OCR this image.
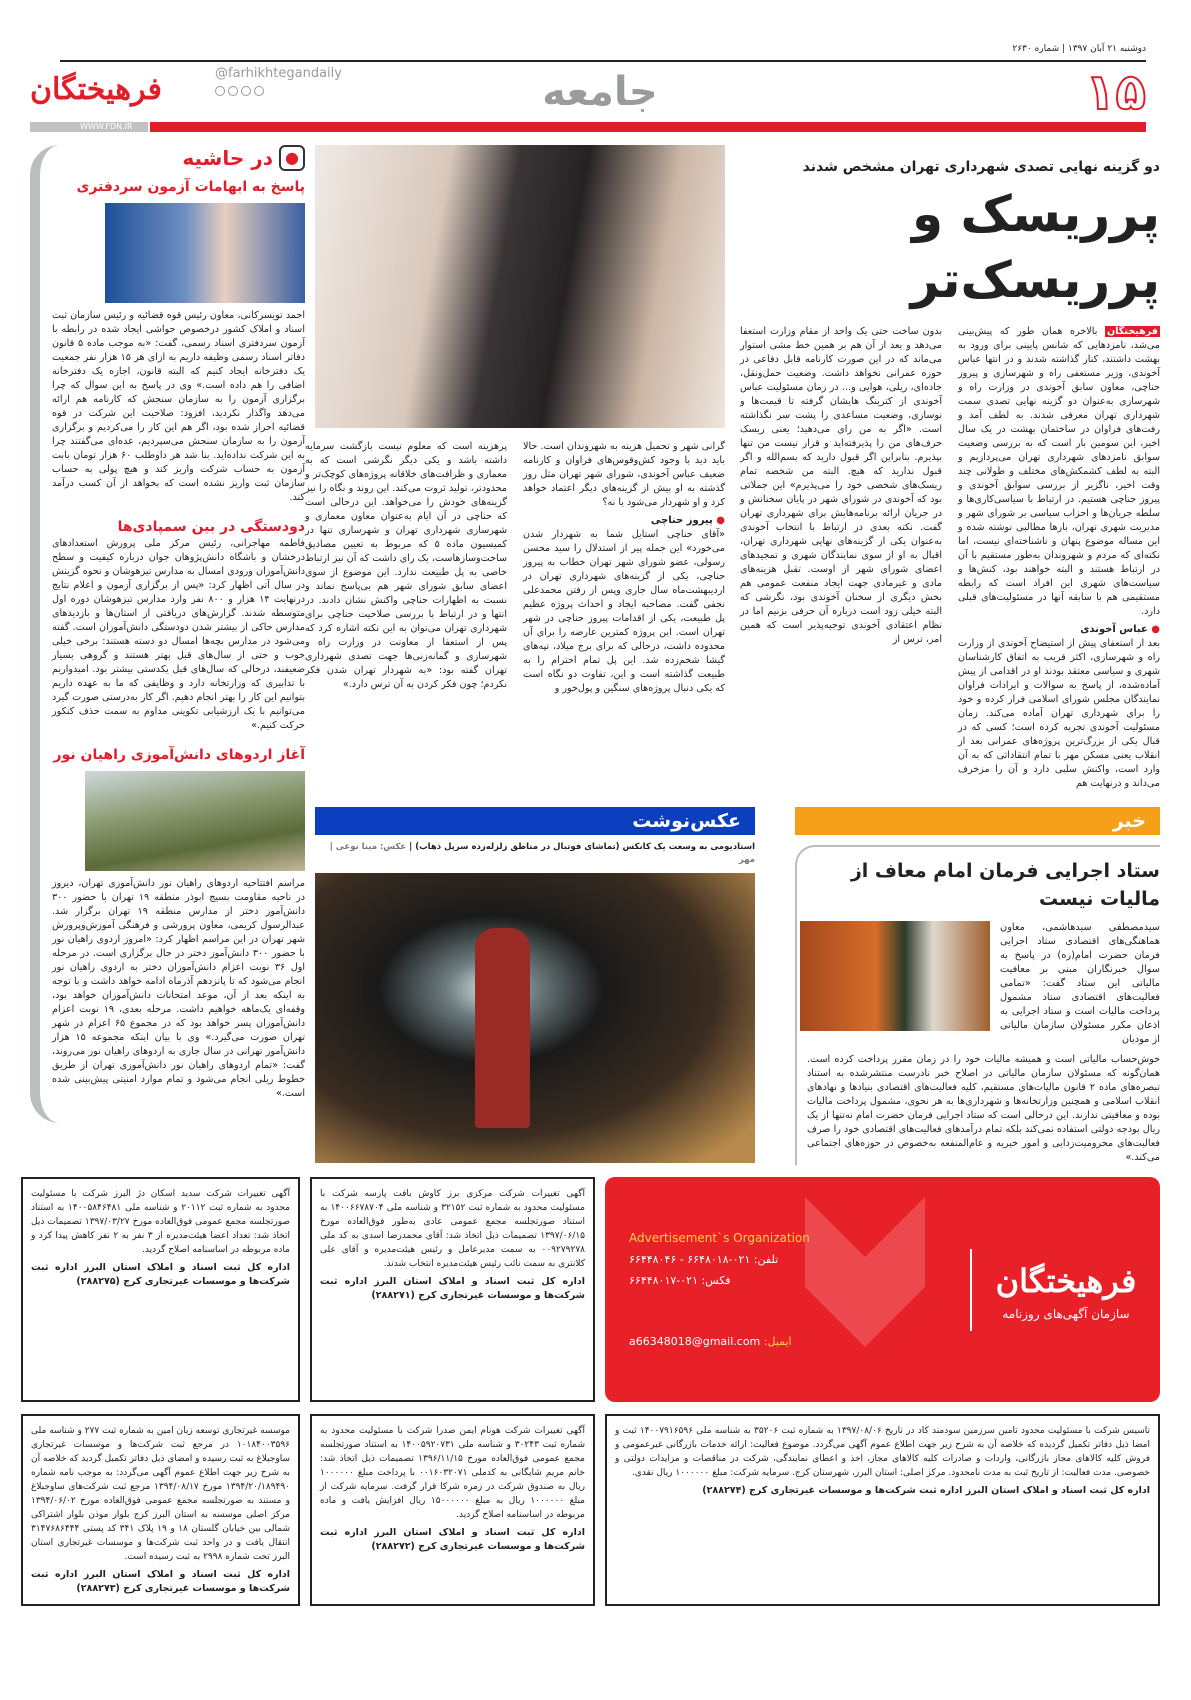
دوشنبه ۲۱ آبان ۱۳۹۷ | شماره ۲۶۳۰
۱۵
جامعه
فرهیختگان	@farhikhtegandaily
WWW.FDN.IR
دو گزینه نهایی تصدی شهرداری تهران مشخص شدند
پرریسک و پرریسک‌تر
فرهیختگان بالاخره همان طور که پیش‌بینی می‌شد، نامزدهایی که شانس پایینی برای ورود به بهشت داشتند، کنار گذاشته شدند و در انتها عباس آخوندی، وزیر مستعفی راه و شهرسازی و پیروز حناچی، معاون سابق آخوندی در وزارت راه و شهرسازی به‌عنوان دو گزینه نهایی تصدی سمت شهرداری تهران معرفی شدند. به لطف آمد و رفت‌های فراوان در ساختمان بهشت در یک سال اخیر، این سومین بار است که به بررسی وضعیت سوابق نامزدهای شهرداری تهران می‌پردازیم و البته به لطف کشمکش‌های مختلف و طولانی چند وقت اخیر، ناگزیر از بررسی سوابق آخوندی و پیروز حناچی هستیم. در ارتباط با سیاسی‌کاری‌ها و سلطه جریان‌ها و احزاب سیاسی بر شورای شهر و مدیریت شهری تهران، بارها مطالبی نوشته شده و این مساله موضوع پنهان و ناشناخته‌ای نیست، اما نکته‌ای که مردم و شهروندان به‌طور مستقیم با آن در ارتباط هستند و البته خواهند بود، کنش‌ها و سیاست‌های شهری این افراد است که رابطه مستقیمی هم با سابقه آنها در مسئولیت‌های قبلی دارد.
● عباس آخوندی
بعد از استعفای پیش از استیضاح آخوندی از وزارت راه و شهرسازی، اکثر قریب به اتفاق کارشناسان شهری و سیاسی معتقد بودند او در اقدامی از پیش آماده‌شده، از پاسخ به سوالات و ایرادات فراوان نمایندگان مجلس شورای اسلامی فرار کرده و خود را برای شهرداری تهران آماده می‌کند. زمان مسئولیت آخوندی تجربه کرده است؛ کسی که در قبال یکی از بزرگ‌ترین پروژه‌های عمرانی بعد از انقلاب یعنی مسکن مهر با تمام انتقاداتی که به آن وارد است، واکنش سلبی دارد و آن را مزخرف می‌داند و درنهایت هم
بدون ساخت حتی یک واحد از مقام وزارت استعفا می‌دهد و بعد از آن هم بر همین خط مشی استوار می‌ماند که در این صورت کارنامه قابل دفاعی در حوزه عمرانی نخواهد داشت. وضعیت حمل‌ونقل، جاده‌ای، ریلی، هوایی و... در زمان مسئولیت عباس آخوندی از کترینگ هایشان گرفته تا قیمت‌ها و نوسازی، وضعیت مساعدی را پشت سر نگذاشته است. «اگر به من رای می‌دهید؛ یعنی ریسک حرف‌های من را پذیرفته‌اید و قرار نیست من تنها بپذیرم. بنابراین اگر قبول دارید که بسم‌الله و اگر قبول ندارید که هیچ. البته من شخصه تمام ریسک‌های شخصی خود را می‌پذیرم» این جملاتی بود که آخوندی در شورای شهر در پایان سخنانش و در جریان ارائه برنامه‌هایش برای شهرداری تهران گفت. نکته بعدی در ارتباط با انتخاب آخوندی به‌عنوان یکی از گزینه‌های نهایی شهرداری تهران، اقبال به او از سوی نمایندگان شهری و تمجیدهای اعضای شورای شهر از اوست. تقبل هزینه‌های مادی و غیرمادی جهت ایجاد منفعت عمومی هم بخش دیگری از سخنان آخوندی بود، نگرشی که البته خیلی زود است درباره آن حرفی بزنیم اما در نظام اعتقادی آخوندی توجیه‌پذیر است که همین امر، ترس از
گرانی شهر و تحمیل هزینه به شهروندان است. حالا باید دید با وجود کش‌وقوس‌های فراوان و کارنامه ضعیف عباس آخوندی، شورای شهر تهران مثل روز گذشته به او بیش از گزینه‌های دیگر اعتماد خواهد کرد و او شهردار می‌شود یا نه؟
● پیروز حناچی
«آقای حناچی استایل شما به شهردار شدن می‌خورد» این جمله پیر از استدلال را سید محسن رسولی، عضو شورای شهر تهران خطاب به پیروز حناچی، یکی از گزینه‌های شهرداری تهران در اردیبهشت‌ماه سال جاری وپس از رفتن محمدعلی نجفی گفت. مصاحبه ایجاد و احداث پروژه عظیم پل طبیعت، یکی از اقدامات پیروز حناچی در شهر تهران است. این پروژه کمترین عارضه را برای آن محدوده داشت، درحالی که برای برج میلاد، تپه‌های گیشا شخم‌زده شد. این پل تمام احترام را به طبیعت گذاشته است و این، تفاوت دو نگاه است که یکی دنبال پروژه‌های سنگین و پول‌خور و
پرهزینه است که معلوم نیست بازگشت سرمایه داشته باشد و یکی دیگر نگرشی است که به معماری و ظرافت‌های خلاقانه پروژه‌های کوچک‌تر و محدودتر، تولید ثروت می‌کند. این روند و نگاه را نیز گزینه‌های خودش را می‌خواهد. این درحالی است که حناچی در آن ایام به‌عنوان معاون معماری و شهرسازی شهرداری تهران و شهرسازی تنها در کمیسیون ماده ۵ که مربوط به تعیین مصادیق ساخت‌وسازهاست، یک رای داشت که آن نیز ارتباط خاصی به پل طبیعت ندارد. این موضوع از سوی اعضای سابق شورای شهر هم بی‌پاسخ نماند و نسبت به اظهارات حناچی واکنش نشان دادند. در انتها و در ارتباط با بررسی صلاحیت حناچی برای شهرداری تهران می‌توان به این نکته اشاره کرد که پس از استعفا از معاونت در وزارت راه و شهرسازی و گمانه‌زنی‌ها جهت تصدی شهرداری تهران گفته بود: «به شهردار تهران شدن فکر نکردم؛ چون فکر کردن به آن ترس دارد.»
خبر
ستاد اجرایی فرمان امام معاف از مالیات نیست
سیدمصطفی سیدهاشمی، معاون هماهنگی‌های اقتصادی ستاد اجرایی فرمان حضرت امام(ره) در پاسخ به سوال خبرنگاران مبنی بر معافیت مالیاتی این ستاد گفت: «تمامی فعالیت‌های اقتصادی ستاد مشمول پرداخت مالیات است و ستاد اجرایی به اذعان مکرر مسئولان سازمان مالیاتی از مودیان
خوش‌حساب مالیاتی است و همیشه مالیات خود را در زمان مقرر پرداخت کرده است. همان‌گونه که مسئولان سازمان مالیاتی در اصلاح خبر نادرست منتشرشده به استناد تبصره‌های ماده ۲ قانون مالیات‌های مستقیم، کلیه فعالیت‌های اقتصادی بنیادها و نهادهای انقلاب اسلامی و همچنین وزارتخانه‌ها و شهرداری‌ها به هر نحوی، مشمول پرداخت مالیات بوده و معافیتی ندارند. این درحالی است که ستاد اجرایی فرمان حضرت امام نه‌تنها از یک ریال بودجه دولتی استفاده نمی‌کند بلکه تمام درآمدهای فعالیت‌های اقتصادی خود را صرف فعالیت‌های محرومیت‌زدایی و امور خیریه و عام‌المنفعه به‌خصوص در حوزه‌های اجتماعی می‌کند.»
عکس‌نوشت
استادیومی به وسعت یک کانکس (تماشای فوتبال در مناطق زلزله‌زده سرپل ذهاب) | عکس: مینا نوعی | مهر
●
در حاشیه
پاسخ به ابهامات آزمون سردفتری
احمد تویسرکانی، معاون رئیس قوه قضائیه و رئیس سازمان ثبت اسناد و املاک کشور درخصوص حواشی ایجاد شده در رابطه با آزمون سردفتری اسناد رسمی، گفت: «به موجب ماده ۵ قانون دفاتر اسناد رسمی وظیفه داریم به ازای هر ۱۵ هزار نفر جمعیت یک دفترخانه ایجاد کنیم که البته قانون، اجازه یک دفترخانه اضافی را هم داده است.» وی در پاسخ به این سوال که چرا برگزاری آزمون را به سازمان سنجش که کارنامه هم ارائه می‌دهد واگذار نکردید، افزود: صلاحیت این شرکت در قوه قضائیه احراز شده بود، اگر هم این کار را می‌کردیم و برگزاری آزمون را به سازمان سنجش می‌سپردیم، عده‌ای می‌گفتند چرا به این شرکت نداده‌اید. بنا شد هر داوطلب ۶۰ هزار تومان بابت آزمون به حساب شرکت واریز کند و هیچ پولی به حساب سازمان ثبت واریز نشده است که بخواهد از آن کسب درآمد کند.
دودستگی در بین سمپادی‌ها
فاطمه مهاجرانی، رئیس مرکز ملی پرورش استعدادهای درخشان و باشگاه دانش‌پژوهان جوان درباره کیفیت و سطح دانش‌آموزان ورودی امسال به مدارس تیزهوشان و نحوه گزینش در سال آتی اظهار کرد: «پس از برگزاری آزمون و اعلام نتایج درنهایت ۱۴ هزار و ۸۰۰ نفر وارد مدارس تیزهوشان دوره اول متوسطه شدند. گزارش‌های دریافتی از استان‌ها و بازدیدهای مدارس حاکی از بیشتر شدن دودستگی دانش‌آموزان است. گفته می‌شود در مدارس بچه‌ها امسال دو دسته هستند: برخی خیلی خوب و حتی از سال‌های قبل بهتر هستند و گروهی بسیار ضعیفند، درحالی که سال‌های قبل یکدستی بیشتر بود. امیدواریم با تدابیری که وزارتخانه دارد و وظایفی که ما به عهده داریم بتوانیم این کار را بهتر انجام دهیم. اگر کار به‌درستی صورت گیرد می‌توانیم با یک ارزشیابی تکوینی مداوم به سمت حذف کنکور حرکت کنیم.»
آغاز اردوهای دانش‌آموزی راهیان نور
مراسم افتتاحیه اردوهای راهیان نور دانش‌آموزی تهران، دیروز در ناحیه مقاومت بسیج ابوذر منطقه ۱۹ تهران با حضور ۳۰۰ دانش‌آموز دختر از مدارس منطقه ۱۹ تهران برگزار شد. عبدالرسول کریمی، معاون پرورشی و فرهنگی آموزش‌وپرورش شهر تهران در این مراسم اظهار کرد: «امروز اردوی راهیان نور با حضور ۳۰۰ دانش‌آموز دختر در حال برگزاری است. در مرحله اول ۳۶ نوبت اعزام دانش‌آموزان دختر به اردوی راهیان نور انجام می‌شود که تا پانزدهم آذرماه ادامه خواهد داشت و با توجه به اینکه بعد از آن، موعد امتحانات دانش‌آموزان خواهد بود، وقفه‌ای یک‌ماهه خواهیم داشت. مرحله بعدی، ۱۹ نوبت اعزام دانش‌آموزان پسر خواهد بود که در مجموع ۶۵ اعزام در شهر تهران صورت می‌گیرد.» وی با بیان اینکه مجموعه ۱۵ هزار دانش‌آموز تهرانی در سال جاری به اردوهای راهیان نور می‌روند، گفت: «تمام اردوهای راهیان نور دانش‌آموزی تهران از طریق خطوط ریلی انجام می‌شود و تمام موارد امنیتی پیش‌بینی شده است.»
فرهیختگان
سازمان آگهی‌های روزنامه
Advertisement`s Organization
تلفن: ۰۲۱-۶۶۴۸۰۱۸ - ۶۶۴۴۸۰۴۶
فکس: ۰۲۱-۶۶۴۴۸۰۱۷
ایمیل: a66348018@gmail.com
آگهی تغییرات شرکت مرکزی برز کاوش بافت پارسه شرکت با مسئولیت محدود به شماره ثبت ۳۲۱۵۲ و شناسه ملی ۱۴۰۰۶۶۷۸۷۰۴ به استناد صورتجلسه مجمع عمومی عادی به‌طور فوق‌العاده مورخ ۱۳۹۷/۰۶/۱۵ تصمیمات ذیل اتخاذ شد: آقای محمدرضا اسدی به کد ملی ۰۰۹۲۷۹۲۷۸ به سمت مدیرعامل و رئیس هیئت‌مدیره و آقای علی کلانتری به سمت نائب رئیس هیئت‌مدیره انتخاب شدند.
اداره کل ثبت اسناد و املاک استان البرز اداره ثبت شرکت‌ها و موسسات غیرتجاری کرج (۲۸۸۲۷۱)
آگهی تغییرات شرکت سدید اسکان دژ البرز شرکت با مسئولیت محدود به شماره ثبت ۲۰۱۱۲ و شناسه ملی ۱۴۰۰۵۸۴۶۴۸۱ به استناد صورتجلسه مجمع عمومی فوق‌العاده مورخ ۱۳۹۷/۰۳/۲۷ تصمیمات ذیل اتخاذ شد: تعداد اعضا هیئت‌مدیره از ۳ نفر به ۲ نفر کاهش پیدا کرد و ماده مربوطه در اساسنامه اصلاح گردید.
اداره کل ثبت اسناد و املاک استان البرز اداره ثبت شرکت‌ها و موسسات غیرتجاری کرج (۲۸۸۲۷۵)
تاسیس شرکت با مسئولیت محدود تامین سرزمین سودمند کاد در تاریخ ۱۳۹۷/۰۸/۰۶ به شماره ثبت ۳۵۲۰۶ به شناسه ملی ۱۴۰۰۷۹۱۶۵۹۶ ثبت و امضا ذیل دفاتر تکمیل گردیده که خلاصه آن به شرح زیر جهت اطلاع عموم آگهی می‌گردد. موضوع فعالیت: ارائه خدمات بازرگانی غیرعمومی و فروش کلیه کالاهای مجاز بازرگانی، واردات و صادرات کلیه کالاهای مجاز، اخذ و اعطای نمایندگی، شرکت در مناقصات و مزایدات دولتی و خصوصی. مدت فعالیت: از تاریخ ثبت به مدت نامحدود. مرکز اصلی: استان البرز، شهرستان کرج. سرمایه شرکت: مبلغ ۱۰۰۰۰۰۰ ریال نقدی.
اداره کل ثبت اسناد و املاک استان البرز اداره ثبت شرکت‌ها و موسسات غیرتجاری کرج (۲۸۸۲۷۴)
آگهی تغییرات شرکت هونام ایمن صدرا شرکت با مسئولیت محدود به شماره ثبت ۳۰۲۴۳ و شناسه ملی ۱۴۰۰۵۹۲۰۷۳۱ به استناد صورتجلسه مجمع عمومی فوق‌العاده مورخ ۱۳۹۶/۱۱/۱۵ تصمیمات ذیل اتخاذ شد: خانم مریم شایگانی به کدملی ۰۰۱۶۰۳۲۰۷۱ با پرداخت مبلغ ۱۰۰۰۰۰۰ ریال به صندوق شرکت در زمره شرکا قرار گرفت. سرمایه شرکت از مبلغ ۱۰۰۰۰۰۰ ریال به مبلغ ۱۵۰۰۰۰۰۰ ریال افزایش یافت و ماده مربوطه در اساسنامه اصلاح گردید.
اداره کل ثبت اسناد و املاک استان البرز اداره ثبت شرکت‌ها و موسسات غیرتجاری کرج (۲۸۸۲۷۲)
موسسه غیرتجاری توسعه زبان امین به شماره ثبت ۲۷۷ و شناسه ملی ۱۰۱۸۴۰۰۳۵۹۶ در مرجع ثبت شرکت‌ها و موسسات غیرتجاری ساوجبلاغ به ثبت رسیده و امضای ذیل دفاتر تکمیل گردید که خلاصه آن به شرح زیر جهت اطلاع عموم آگهی می‌گردد: به موجب نامه شماره ۱۳۹۴/۲۰/۱۸۹۴۹۰ مورخ ۱۳۹۴/۰۸/۱۷ مرجع ثبت شرکت‌های ساوجبلاغ و مستند به صورتجلسه مجمع عمومی فوق‌العاده مورخ ۱۳۹۴/۰۶/۰۲ مرکز اصلی موسسه به استان البرز کرج بلوار موذن بلوار اشتراکی شمالی بین خیابان گلستان ۱۸ و ۱۹ پلاک ۳۴۱ کد پستی ۳۱۴۷۶۸۶۴۴۴ انتقال یافت و در واحد ثبت شرکت‌ها و موسسات غیرتجاری استان البرز تحت شماره ۲۹۹۸ به ثبت رسیده است.
اداره کل ثبت اسناد و املاک استان البرز اداره ثبت شرکت‌ها و موسسات غیرتجاری کرج (۲۸۸۲۷۳)
